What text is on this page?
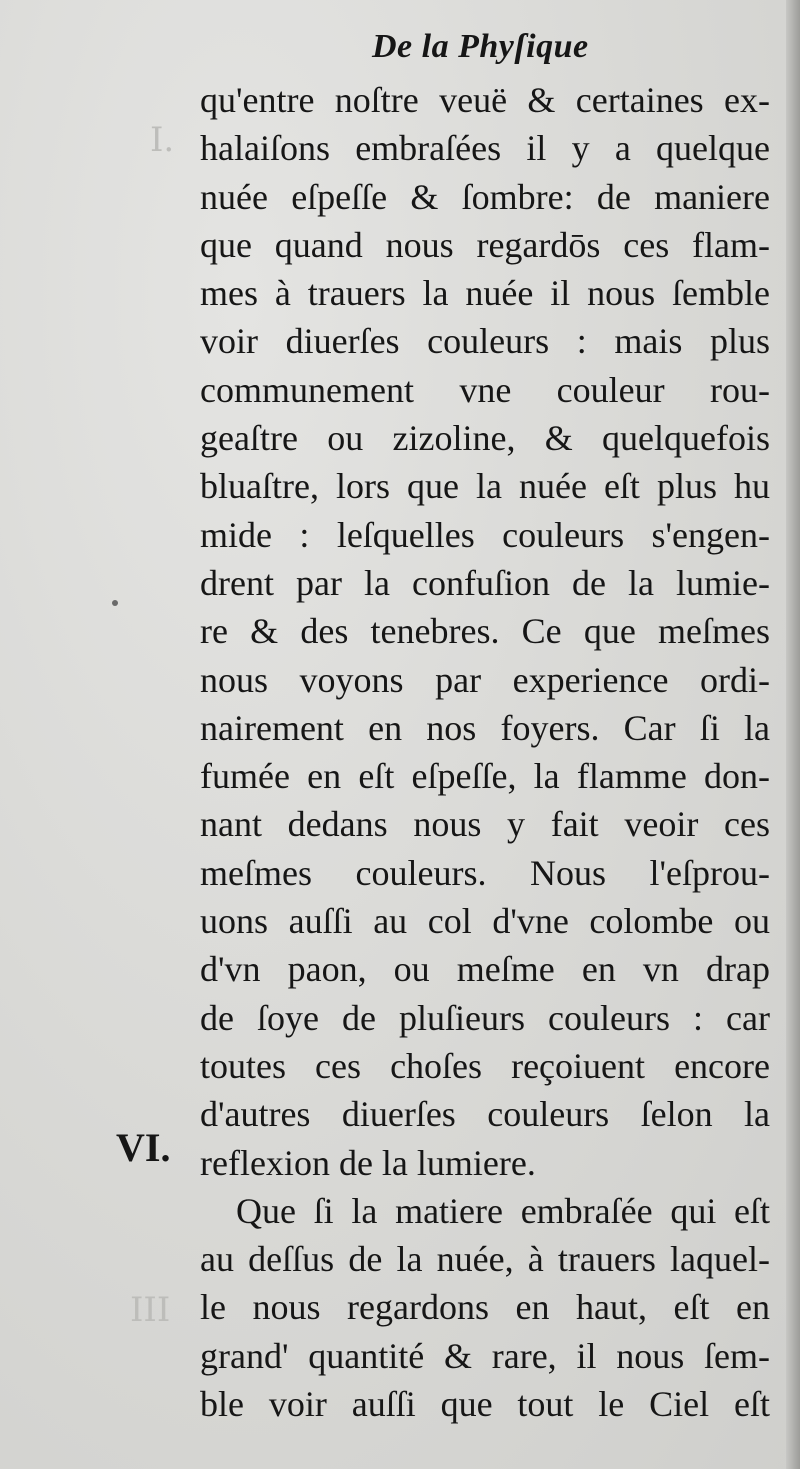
I.
III
De la Phyſique
VI.
qu'entre noſtre veuë & certaines ex-
halaiſons embraſées il y a quelque
nuée eſpeſſe & ſombre: de maniere
que quand nous regardōs ces flam-
mes à trauers la nuée il nous ſemble
voir diuerſes couleurs : mais plus
communement vne couleur rou-
geaſtre ou zizoline, & quelquefois
bluaſtre, lors que la nuée eſt plus hu
mide : leſquelles couleurs s'engen-
drent par la confuſion de la lumie-
re & des tenebres. Ce que meſmes
nous voyons par experience ordi-
nairement en nos foyers. Car ſi la
fumée en eſt eſpeſſe, la flamme don-
nant dedans nous y fait veoir ces
meſmes couleurs. Nous l'eſprou-
uons auſſi au col d'vne colombe ou
d'vn paon, ou meſme en vn drap
de ſoye de pluſieurs couleurs : car
toutes ces choſes reçoiuent encore
d'autres diuerſes couleurs ſelon la
reflexion de la lumiere.
Que ſi la matiere embraſée qui eſt
au deſſus de la nuée, à trauers laquel-
le nous regardons en haut, eſt en
grand' quantité & rare, il nous ſem-
ble voir auſſi que tout le Ciel eſt
